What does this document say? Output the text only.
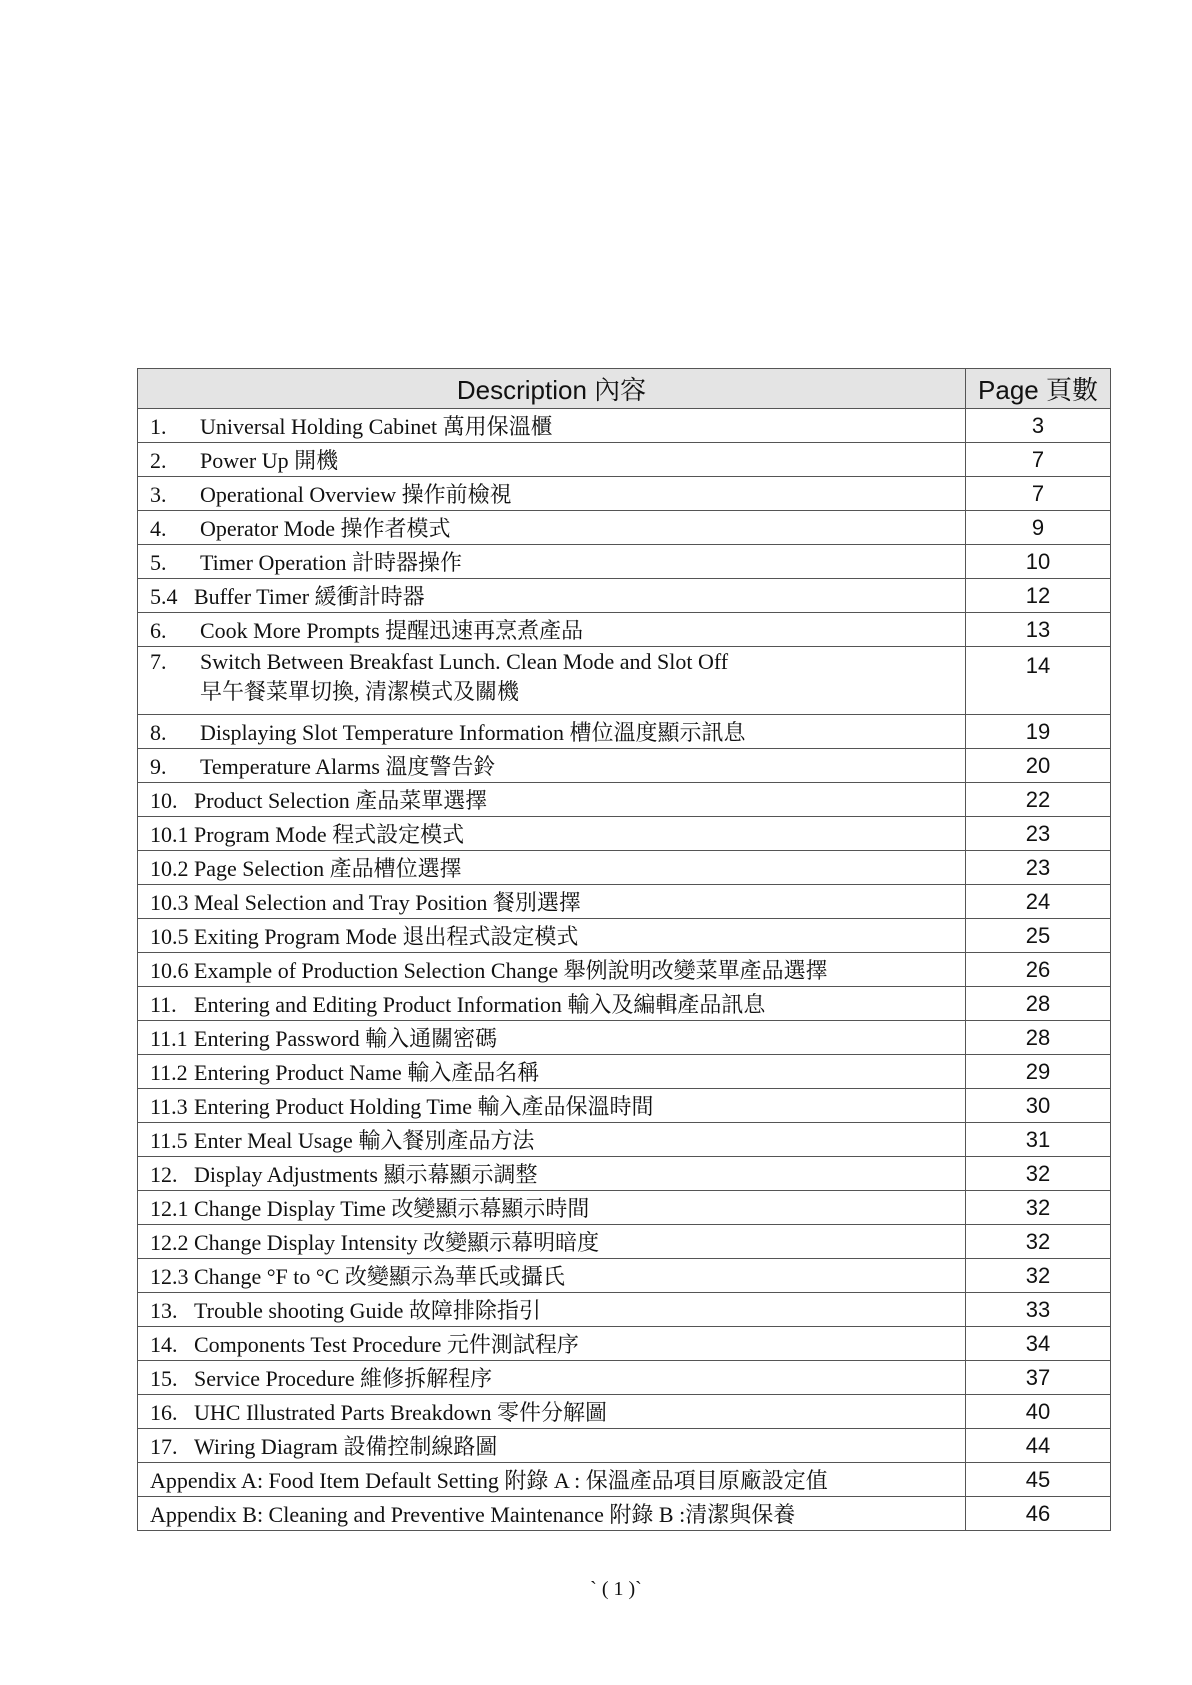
Description 內容	Page 頁數
1. Universal Holding Cabinet 萬用保溫櫃	3
2. Power Up 開機	7
3. Operational Overview 操作前檢視	7
4. Operator Mode 操作者模式	9
5. Timer Operation 計時器操作	10
5.4 Buffer Timer 緩衝計時器	12
6. Cook More Prompts 提醒迅速再烹煮產品	13

7. Switch Between Breakfast Lunch. Clean Mode and Slot Off
早午餐菜單切換, 清潔模式及關機	14
8. Displaying Slot Temperature Information 槽位溫度顯示訊息	19
9. Temperature Alarms 溫度警告鈴	20
10. Product Selection 產品菜單選擇	22
10.1 Program Mode 程式設定模式	23
10.2 Page Selection 產品槽位選擇	23
10.3 Meal Selection and Tray Position 餐別選擇	24
10.5 Exiting Program Mode 退出程式設定模式	25
10.6 Example of Production Selection Change 舉例說明改變菜單產品選擇	26
11. Entering and Editing Product Information 輸入及編輯產品訊息	28
11.1 Entering Password 輸入通關密碼	28
11.2 Entering Product Name 輸入產品名稱	29
11.3 Entering Product Holding Time 輸入產品保溫時間	30
11.5 Enter Meal Usage 輸入餐別產品方法	31
12. Display Adjustments 顯示幕顯示調整	32
12.1 Change Display Time 改變顯示幕顯示時間	32
12.2 Change Display Intensity 改變顯示幕明暗度	32
12.3 Change °F to °C 改變顯示為華氏或攝氏	32
13. Trouble shooting Guide 故障排除指引	33
14. Components Test Procedure 元件測試程序	34
15. Service Procedure 維修拆解程序	37
16. UHC Illustrated Parts Breakdown 零件分解圖	40
17. Wiring Diagram 設備控制線路圖	44
Appendix A: Food Item Default Setting 附錄 A : 保溫產品項目原廠設定值	45
Appendix B: Cleaning and Preventive Maintenance 附錄 B :清潔與保養	46
` ( 1 )`
